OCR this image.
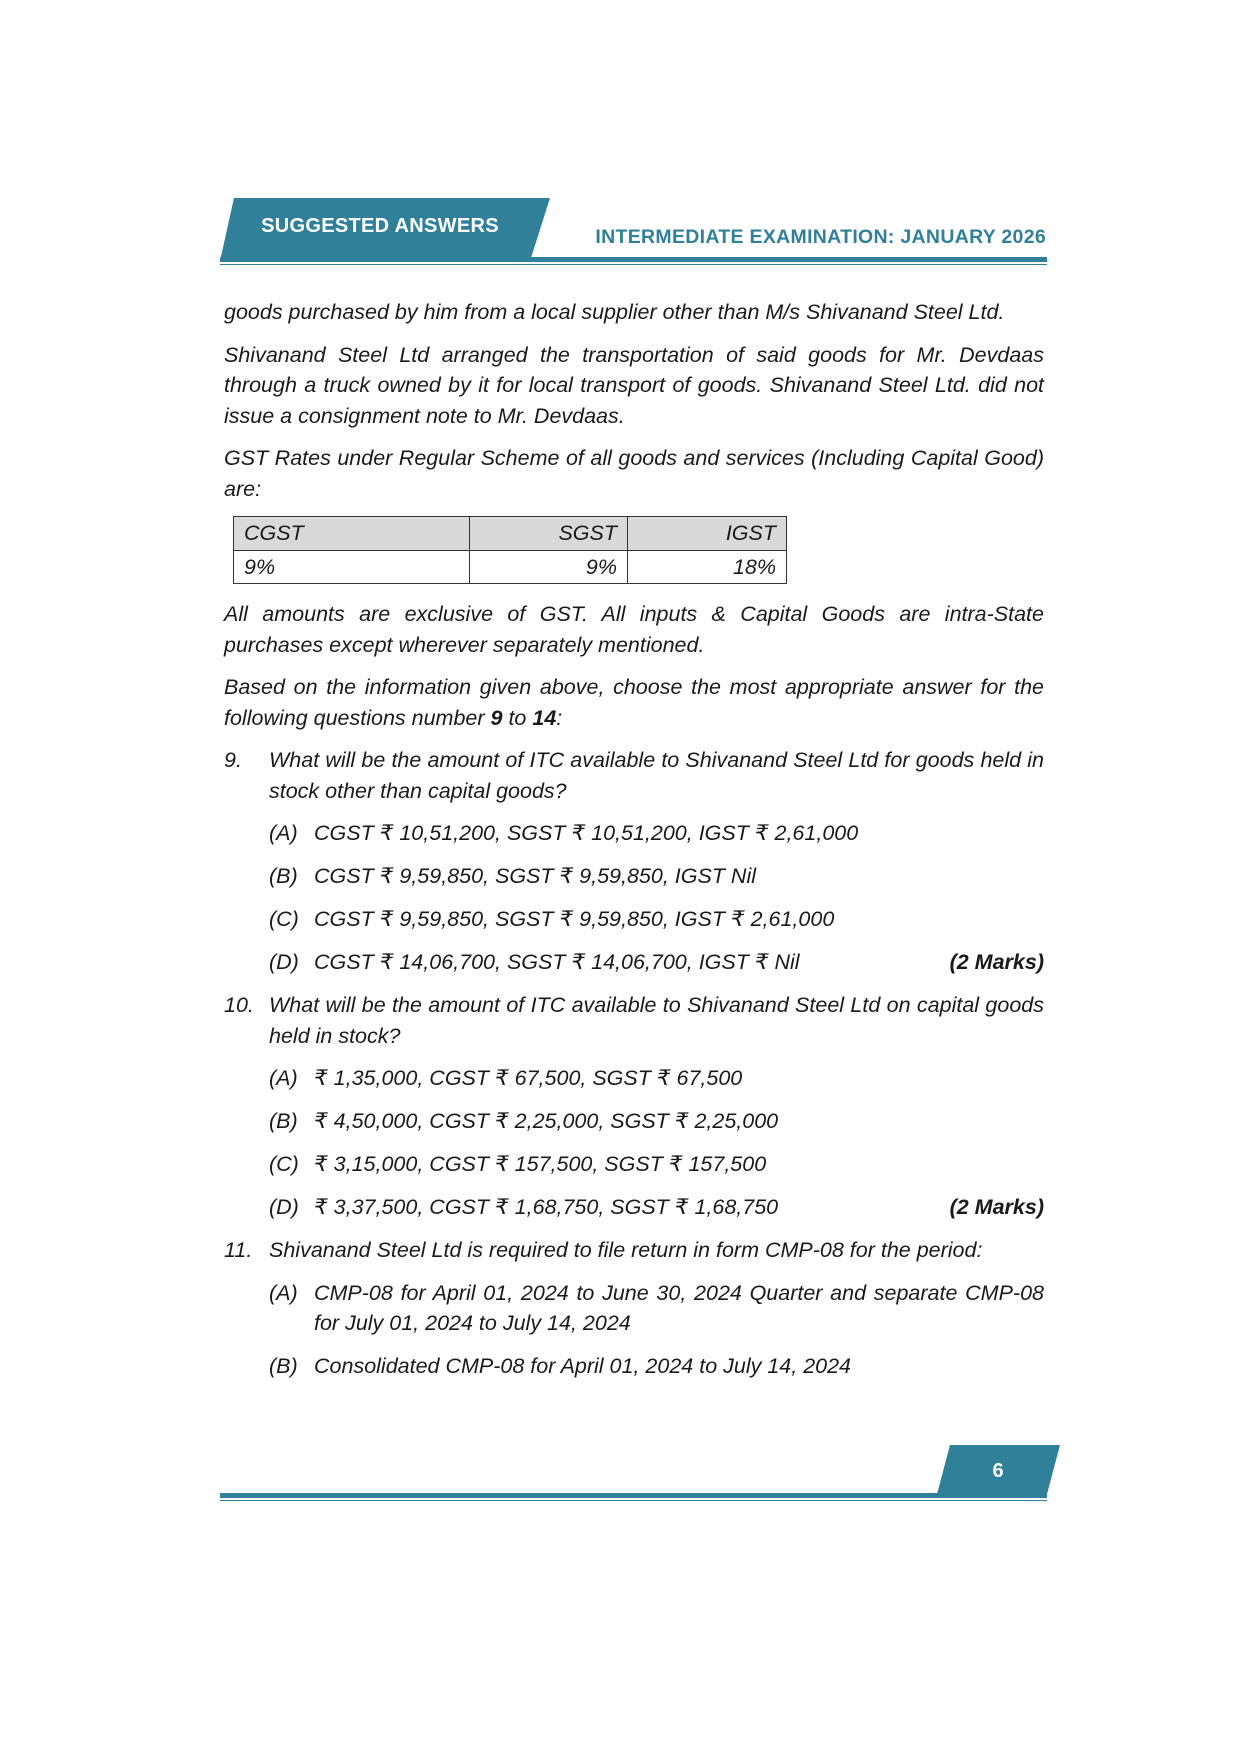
SUGGESTED ANSWERS	INTERMEDIATE EXAMINATION: JANUARY 2026

goods purchased by him from a local supplier other than M/s Shivanand Steel Ltd.

Shivanand Steel Ltd arranged the transportation of said goods for Mr. Devdaas through a truck owned by it for local transport of goods. Shivanand Steel Ltd. did not issue a consignment note to Mr. Devdaas.

GST Rates under Regular Scheme of all goods and services (Including Capital Good) are:

CGST	SGST	IGST
9%	9%	18%

All amounts are exclusive of GST. All inputs & Capital Goods are intra-State purchases except wherever separately mentioned.

Based on the information given above, choose the most appropriate answer for the following questions number 9 to 14:

9. What will be the amount of ITC available to Shivanand Steel Ltd for goods held in stock other than capital goods?
(A) CGST ₹ 10,51,200, SGST ₹ 10,51,200, IGST ₹ 2,61,000
(B) CGST ₹ 9,59,850, SGST ₹ 9,59,850, IGST Nil
(C) CGST ₹ 9,59,850, SGST ₹ 9,59,850, IGST ₹ 2,61,000
(D) CGST ₹ 14,06,700, SGST ₹ 14,06,700, IGST ₹ Nil	(2 Marks)
10. What will be the amount of ITC available to Shivanand Steel Ltd on capital goods held in stock?
(A) ₹ 1,35,000, CGST ₹ 67,500, SGST ₹ 67,500
(B) ₹ 4,50,000, CGST ₹ 2,25,000, SGST ₹ 2,25,000
(C) ₹ 3,15,000, CGST ₹ 157,500, SGST ₹ 157,500
(D) ₹ 3,37,500, CGST ₹ 1,68,750, SGST ₹ 1,68,750	(2 Marks)
11. Shivanand Steel Ltd is required to file return in form CMP-08 for the period:
(A) CMP-08 for April 01, 2024 to June 30, 2024 Quarter and separate CMP-08 for July 01, 2024 to July 14, 2024
(B) Consolidated CMP-08 for April 01, 2024 to July 14, 2024
6
